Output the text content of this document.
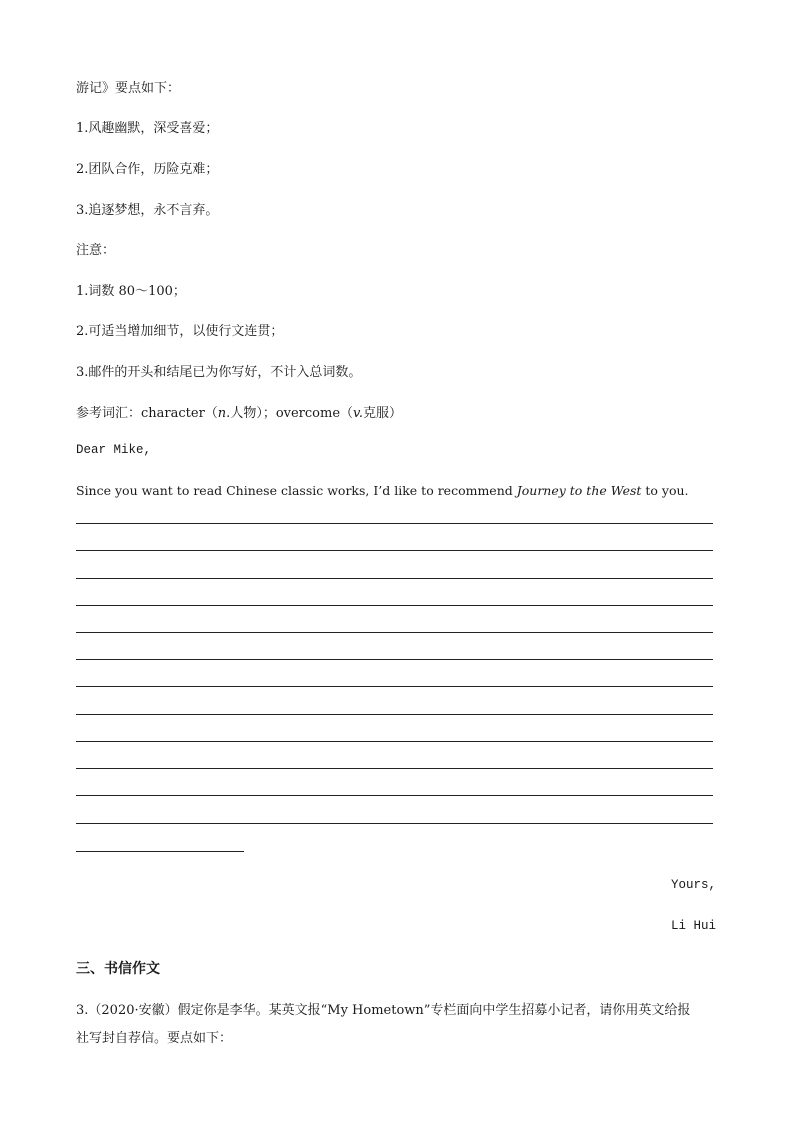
游记》要点如下：
1.风趣幽默，深受喜爱；
2.团队合作，历险克难；
3.追逐梦想，永不言弃。
注意：
1.词数 80～100；
2.可适当增加细节，以使行文连贯；
3.邮件的开头和结尾已为你写好，不计入总词数。
参考词汇：character（n.人物）；overcome（v.克服）
Dear Mike,
Since you want to read Chinese classic works, I’d like to recommend Journey to the West to you.
Yours,
Li Hui
三、书信作文
3.（2020·安徽）假定你是李华。某英文报“My Hometown”专栏面向中学生招募小记者，请你用英文给报
社写封自荐信。要点如下：
